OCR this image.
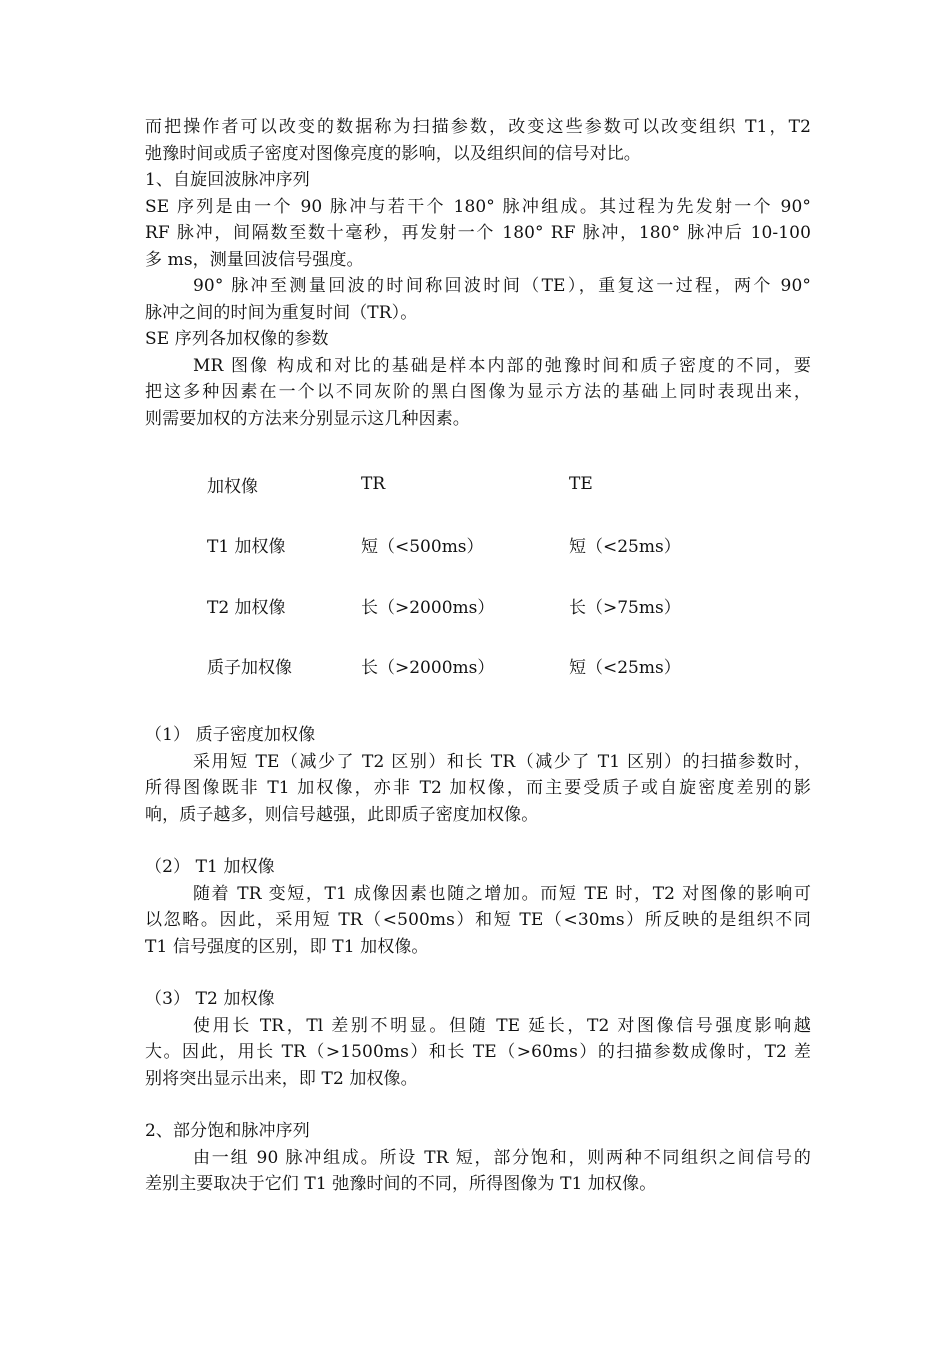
而把操作者可以改变的数据称为扫描参数，改变这些参数可以改变组织 T1，T2
弛豫时间或质子密度对图像亮度的影响，以及组织间的信号对比。
1、自旋回波脉冲序列
SE 序列是由一个 90 脉冲与若干个 180° 脉冲组成。其过程为先发射一个 90°
RF 脉冲，间隔数至数十毫秒，再发射一个 180° RF 脉冲，180° 脉冲后 10-100
多 ms，测量回波信号强度。
90° 脉冲至测量回波的时间称回波时间（TE），重复这一过程，两个 90°
脉冲之间的时间为重复时间（TR）。
SE 序列各加权像的参数
MR 图像 构成和对比的基础是样本内部的弛豫时间和质子密度的不同，要
把这多种因素在一个以不同灰阶的黑白图像为显示方法的基础上同时表现出来，
则需要加权的方法来分别显示这几种因素。
加权像	TR	TE
T1 加权像	短（<500ms）	短（<25ms）
T2 加权像	长（>2000ms）	长（>75ms）
质子加权像	长（>2000ms）	短（<25ms）
（1） 质子密度加权像
采用短 TE（减少了 T2 区别）和长 TR（减少了 T1 区别）的扫描参数时，
所得图像既非 T1 加权像，亦非 T2 加权像，而主要受质子或自旋密度差别的影
响，质子越多，则信号越强，此即质子密度加权像。
（2） T1 加权像
随着 TR 变短，T1 成像因素也随之增加。而短 TE 时，T2 对图像的影响可
以忽略。因此，采用短 TR（<500ms）和短 TE（<30ms）所反映的是组织不同
T1 信号强度的区别，即 T1 加权像。
（3） T2 加权像
使用长 TR，Tl 差别不明显。但随 TE 延长，T2 对图像信号强度影响越
大。因此，用长 TR（>1500ms）和长 TE（>60ms）的扫描参数成像时，T2 差
别将突出显示出来，即 T2 加权像。
2、部分饱和脉冲序列
由一组 90 脉冲组成。所设 TR 短，部分饱和，则两种不同组织之间信号的
差别主要取决于它们 T1 弛豫时间的不同，所得图像为 T1 加权像。
